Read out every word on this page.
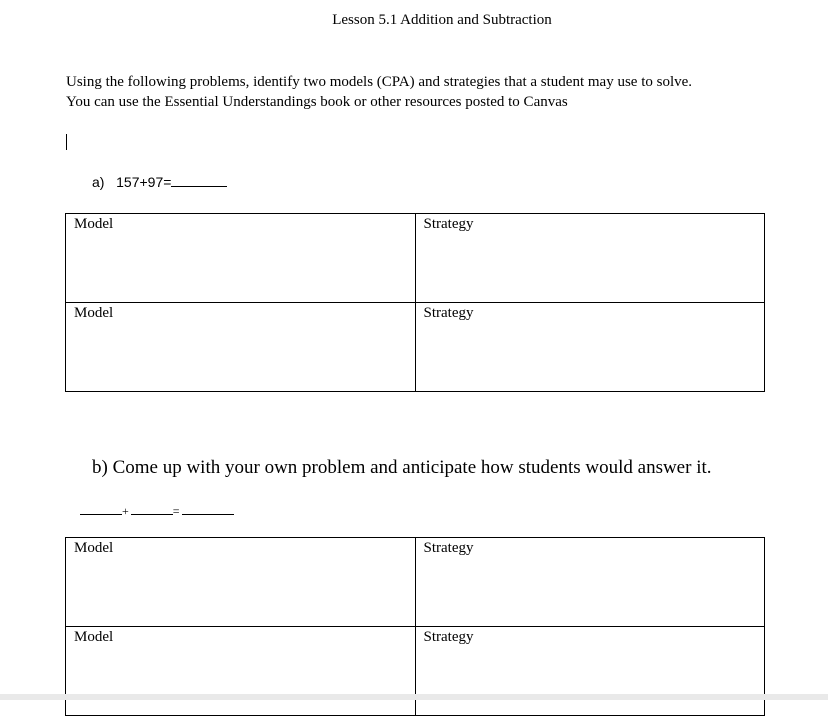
Lesson 5.1 Addition and Subtraction
Using the following problems, identify two models (CPA) and strategies that a student may use to solve.
You can use the Essential Understandings book or other resources posted to Canvas
a) 157+97=
Model	Strategy
Model	Strategy
b) Come up with your own problem and anticipate how students would answer it.
+	=
Model	Strategy
Model	Strategy
